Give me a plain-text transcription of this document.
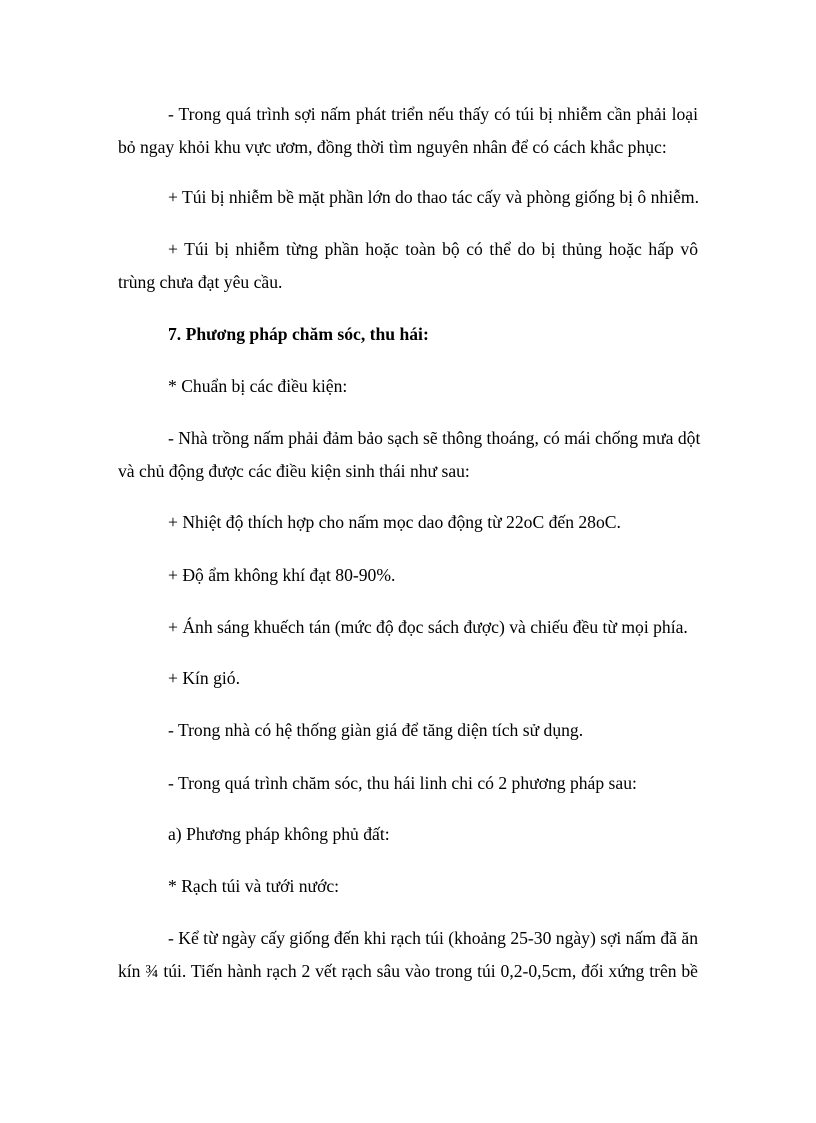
- Trong quá trình sợi nấm phát triển nếu thấy có túi bị nhiễm cần phải loại

bỏ ngay khỏi khu vực ươm, đồng thời tìm nguyên nhân để có cách khắc phục:

+ Túi bị nhiễm bề mặt phần lớn do thao tác cấy và phòng giống bị ô nhiễm.

+ Túi bị nhiễm từng phần hoặc toàn bộ có thể do bị thủng hoặc hấp vô

trùng chưa đạt yêu cầu.

7. Phương pháp chăm sóc, thu hái:

* Chuẩn bị các điều kiện:

- Nhà trồng nấm phải đảm bảo sạch sẽ thông thoáng, có mái chống mưa dột

và chủ động được các điều kiện sinh thái như sau:

+ Nhiệt độ thích hợp cho nấm mọc dao động từ 22oC đến 28oC.

+ Độ ẩm không khí đạt 80-90%.

+ Ánh sáng khuếch tán (mức độ đọc sách được) và chiếu đều từ mọi phía.

+ Kín gió.

- Trong nhà có hệ thống giàn giá để tăng diện tích sử dụng.

- Trong quá trình chăm sóc, thu hái linh chi có 2 phương pháp sau:

a) Phương pháp không phủ đất:

* Rạch túi và tưới nước:

- Kể từ ngày cấy giống đến khi rạch túi (khoảng 25-30 ngày) sợi nấm đã ăn

kín ¾ túi. Tiến hành rạch 2 vết rạch sâu vào trong túi 0,2-0,5cm, đối xứng trên bề
